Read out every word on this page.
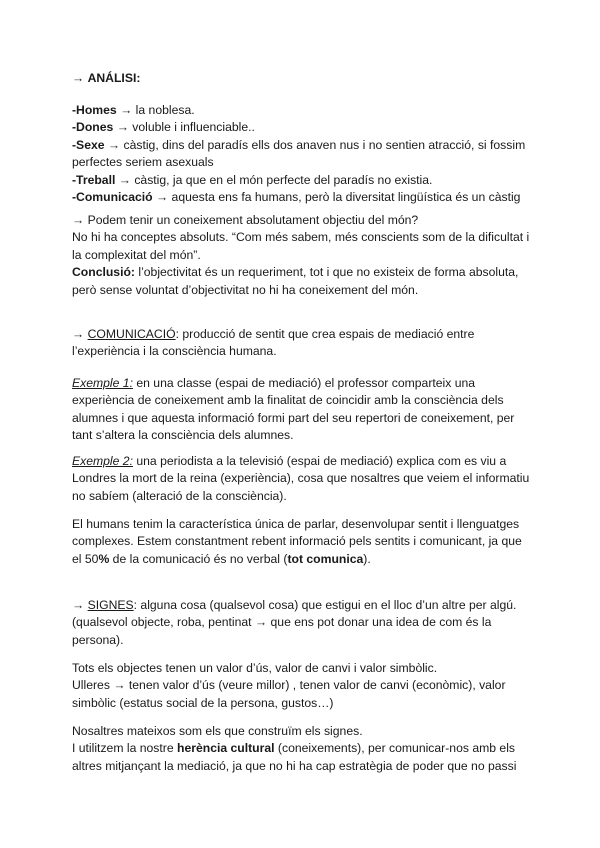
→ ANÁLISI:

-Homes → la noblesa.
-Dones → voluble i influenciable..
-Sexe → càstig, dins del paradís ells dos anaven nus i no sentien atracció, si fossim
perfectes seriem asexuals
-Treball → càstig, ja que en el món perfecte del paradís no existia.
-Comunicació → aquesta ens fa humans, però la diversitat lingüística és un càstig

→ Podem tenir un coneixement absolutament objectiu del món?
No hi ha conceptes absoluts. “Com més sabem, més conscients som de la dificultat i
la complexitat del món”.
Conclusió: l’objectivitat és un requeriment, tot i que no existeix de forma absoluta,
però sense voluntat d’objectivitat no hi ha coneixement del món.

→ COMUNICACIÓ: producció de sentit que crea espais de mediació entre
l’experiència i la consciència humana.

Exemple 1: en una classe (espai de mediació) el professor comparteix una
experiència de coneixement amb la finalitat de coincidir amb la consciència dels
alumnes i que aquesta informació formi part del seu repertori de coneixement, per
tant s’altera la consciència dels alumnes.

Exemple 2: una periodista a la televisió (espai de mediació) explica com es viu a
Londres la mort de la reina (experiència), cosa que nosaltres que veiem el informatiu
no sabíem (alteració de la consciència).

El humans tenim la característica única de parlar, desenvolupar sentit i llenguatges
complexes. Estem constantment rebent informació pels sentits i comunicant, ja que
el 50% de la comunicació és no verbal (tot comunica).

→ SIGNES: alguna cosa (qualsevol cosa) que estigui en el lloc d’un altre per algú.
(qualsevol objecte, roba, pentinat → que ens pot donar una idea de com és la
persona).

Tots els objectes tenen un valor d’ús, valor de canvi i valor simbòlic.
Ulleres → tenen valor d’ús (veure millor) , tenen valor de canvi (econòmic), valor
simbòlic (estatus social de la persona, gustos…)

Nosaltres mateixos som els que construïm els signes.
I utilitzem la nostre herència cultural (coneixements), per comunicar-nos amb els
altres mitjançant la mediació, ja que no hi ha cap estratègia de poder que no passi
